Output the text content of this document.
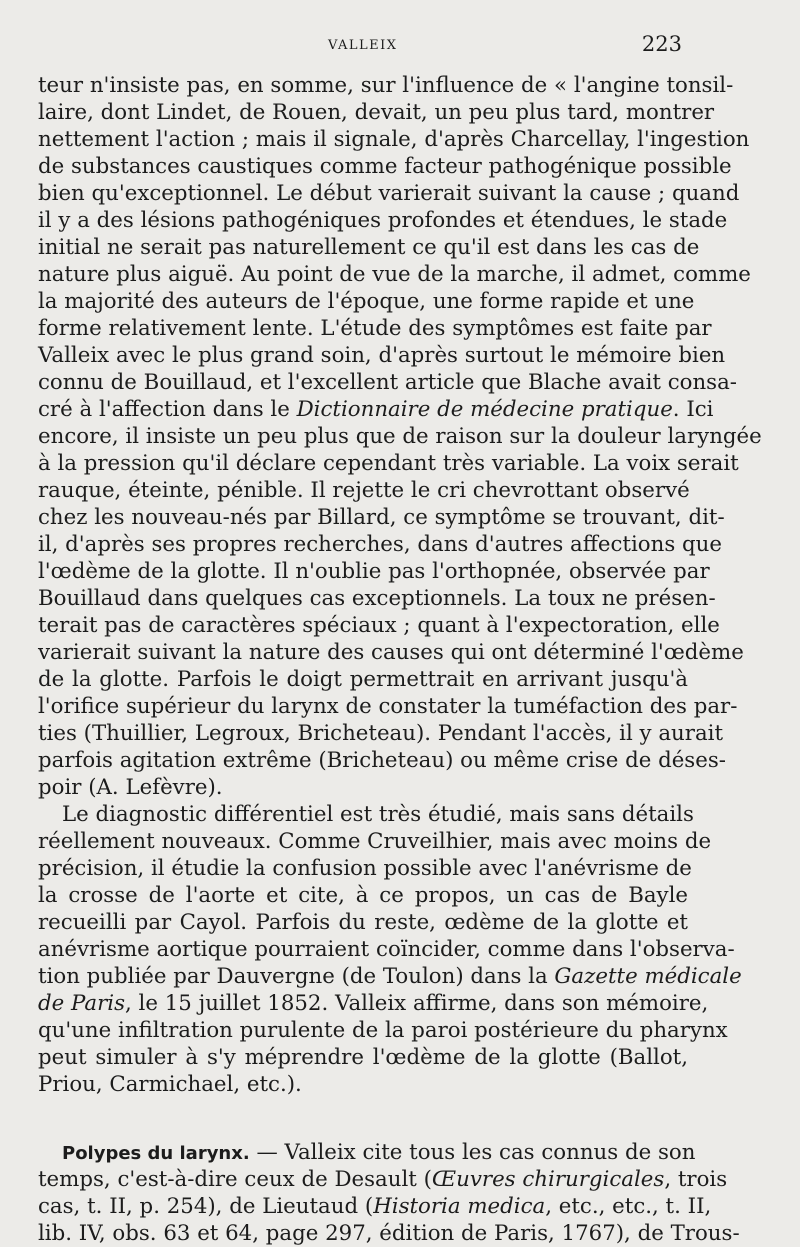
VALLEIX	223
teur n'insiste pas, en somme, sur l'influence de « l'angine tonsil-
laire, dont Lindet, de Rouen, devait, un peu plus tard, montrer
nettement l'action ; mais il signale, d'après Charcellay, l'ingestion
de substances caustiques comme facteur pathogénique possible
bien qu'exceptionnel. Le début varierait suivant la cause ; quand
il y a des lésions pathogéniques profondes et étendues, le stade
initial ne serait pas naturellement ce qu'il est dans les cas de
nature plus aiguë. Au point de vue de la marche, il admet, comme
la majorité des auteurs de l'époque, une forme rapide et une
forme relativement lente. L'étude des symptômes est faite par
Valleix avec le plus grand soin, d'après surtout le mémoire bien
connu de Bouillaud, et l'excellent article que Blache avait consa-
cré à l'affection dans le Dictionnaire de médecine pratique. Ici
encore, il insiste un peu plus que de raison sur la douleur laryngée
à la pression qu'il déclare cependant très variable. La voix serait
rauque, éteinte, pénible. Il rejette le cri chevrottant observé
chez les nouveau-nés par Billard, ce symptôme se trouvant, dit-
il, d'après ses propres recherches, dans d'autres affections que
l'œdème de la glotte. Il n'oublie pas l'orthopnée, observée par
Bouillaud dans quelques cas exceptionnels. La toux ne présen-
terait pas de caractères spéciaux ; quant à l'expectoration, elle
varierait suivant la nature des causes qui ont déterminé l'œdème
de la glotte. Parfois le doigt permettrait en arrivant jusqu'à
l'orifice supérieur du larynx de constater la tuméfaction des par-
ties (Thuillier, Legroux, Bricheteau). Pendant l'accès, il y aurait
parfois agitation extrême (Bricheteau) ou même crise de déses-
poir (A. Lefèvre).
Le diagnostic différentiel est très étudié, mais sans détails
réellement nouveaux. Comme Cruveilhier, mais avec moins de
précision, il étudie la confusion possible avec l'anévrisme de
la crosse de l'aorte et cite, à ce propos, un cas de Bayle
recueilli par Cayol. Parfois du reste, œdème de la glotte et
anévrisme aortique pourraient coïncider, comme dans l'observa-
tion publiée par Dauvergne (de Toulon) dans la Gazette médicale
de Paris, le 15 juillet 1852. Valleix affirme, dans son mémoire,
qu'une infiltration purulente de la paroi postérieure du pharynx
peut simuler à s'y méprendre l'œdème de la glotte (Ballot,
Priou, Carmichael, etc.).
Polypes du larynx. — Valleix cite tous les cas connus de son
temps, c'est-à-dire ceux de Desault (Œuvres chirurgicales, trois
cas, t. II, p. 254), de Lieutaud (Historia medica, etc., etc., t. II,
lib. IV, obs. 63 et 64, page 297, édition de Paris, 1767), de Trous-
